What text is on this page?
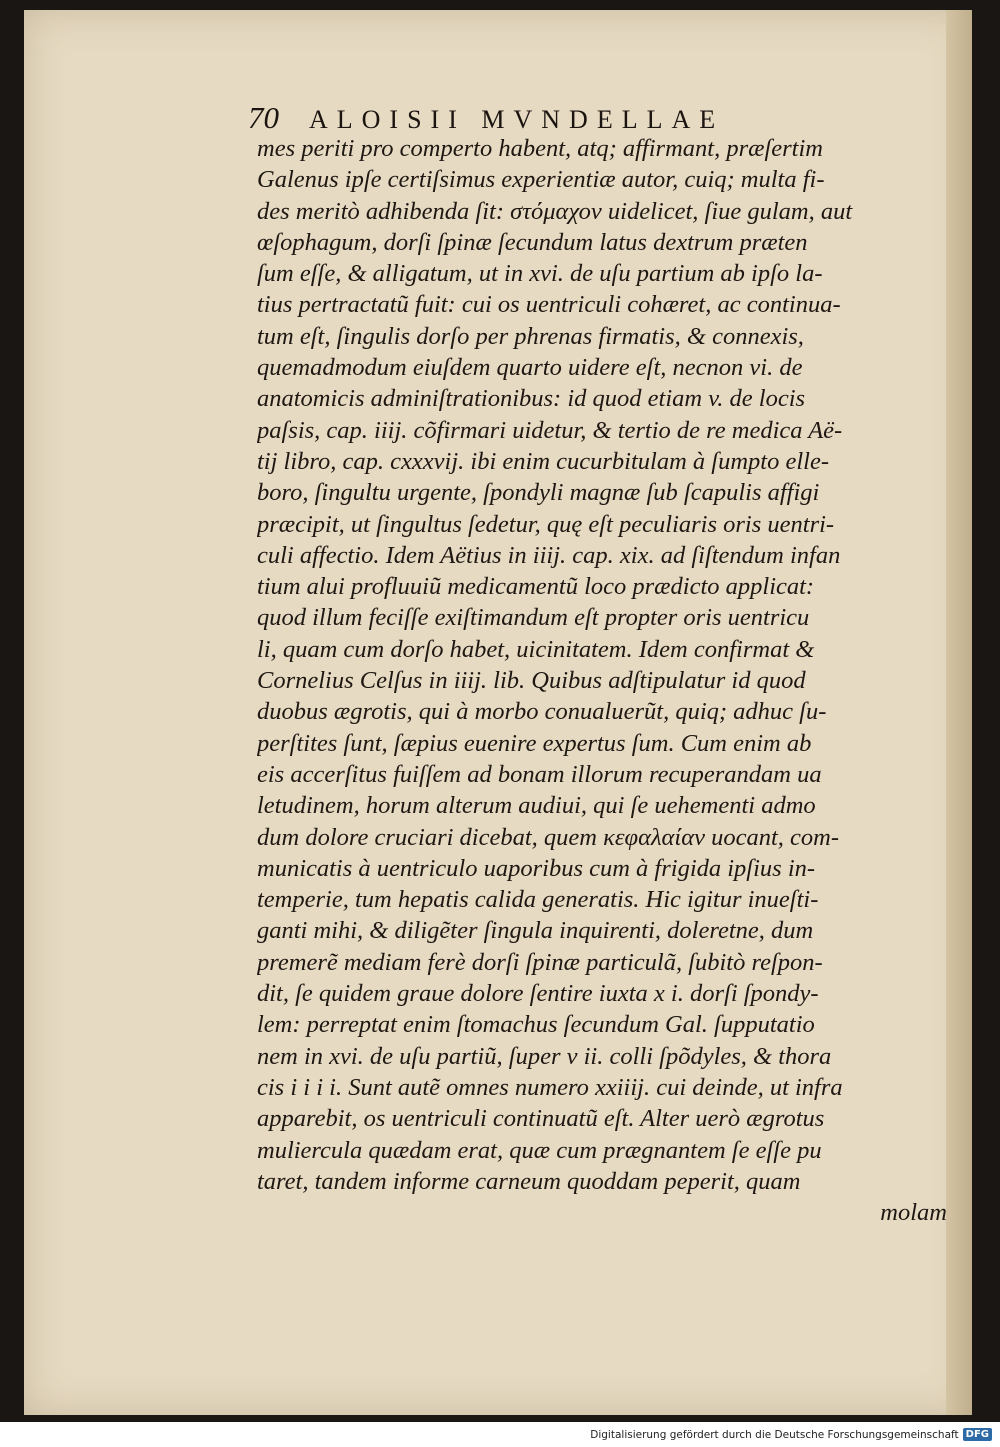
70 ALOISII MVNDELLAE
mes periti pro comperto habent, atq; affirmant, præſertim
Galenus ipſe certiſsimus experientiæ autor, cuiq; multa fi-
des meritò adhibenda ſit: στόμαχον uidelicet, ſiue gulam, aut
œſophagum, dorſi ſpinæ ſecundum latus dextrum præten
ſum eſſe, & alligatum, ut in xvi. de uſu partium ab ipſo la-
tius pertractatũ fuit: cui os uentriculi cohæret, ac continua-
tum eſt, ſingulis dorſo per phrenas firmatis, & connexis,
quemadmodum eiuſdem quarto uidere eſt, necnon vi. de
anatomicis adminiſtrationibus: id quod etiam v. de locis
paſsis, cap. iiij. cõfirmari uidetur, & tertio de re medica Aë-
tij libro, cap. cxxxvij. ibi enim cucurbitulam à ſumpto elle-
boro, ſingultu urgente, ſpondyli magnæ ſub ſcapulis affigi
præcipit, ut ſingultus ſedetur, quę eſt peculiaris oris uentri-
culi affectio. Idem Aëtius in iiij. cap. xix. ad ſiſtendum infan
tium alui profluuiũ medicamentũ loco prædicto applicat:
quod illum feciſſe exiſtimandum eſt propter oris uentricu
li, quam cum dorſo habet, uicinitatem. Idem confirmat &
Cornelius Celſus in iiij. lib. Quibus adſtipulatur id quod
duobus ægrotis, qui à morbo conualuerũt, quiq; adhuc ſu-
perſtites ſunt, ſæpius euenire expertus ſum. Cum enim ab
eis accerſitus fuiſſem ad bonam illorum recuperandam ua
letudinem, horum alterum audiui, qui ſe uehementi admo
dum dolore cruciari dicebat, quem κεφαλαίαν uocant, com-
municatis à uentriculo uaporibus cum à frigida ipſius in-
temperie, tum hepatis calida generatis. Hic igitur inueſti-
ganti mihi, & diligẽter ſingula inquirenti, doleretne, dum
premerẽ mediam ferè dorſi ſpinæ particulã, ſubitò reſpon-
dit, ſe quidem graue dolore ſentire iuxta x i. dorſi ſpondy-
lem: perreptat enim ſtomachus ſecundum Gal. ſupputatio
nem in xvi. de uſu partiũ, ſuper v ii. colli ſpõdyles, & thora
cis i i i i. Sunt autẽ omnes numero xxiiij. cui deinde, ut infra
apparebit, os uentriculi continuatũ eſt. Alter uerò ægrotus
muliercula quædam erat, quæ cum prægnantem ſe eſſe pu
taret, tandem informe carneum quoddam peperit, quam
molam
Digitalisierung gefördert durch die Deutsche Forschungsgemeinschaft DFG
